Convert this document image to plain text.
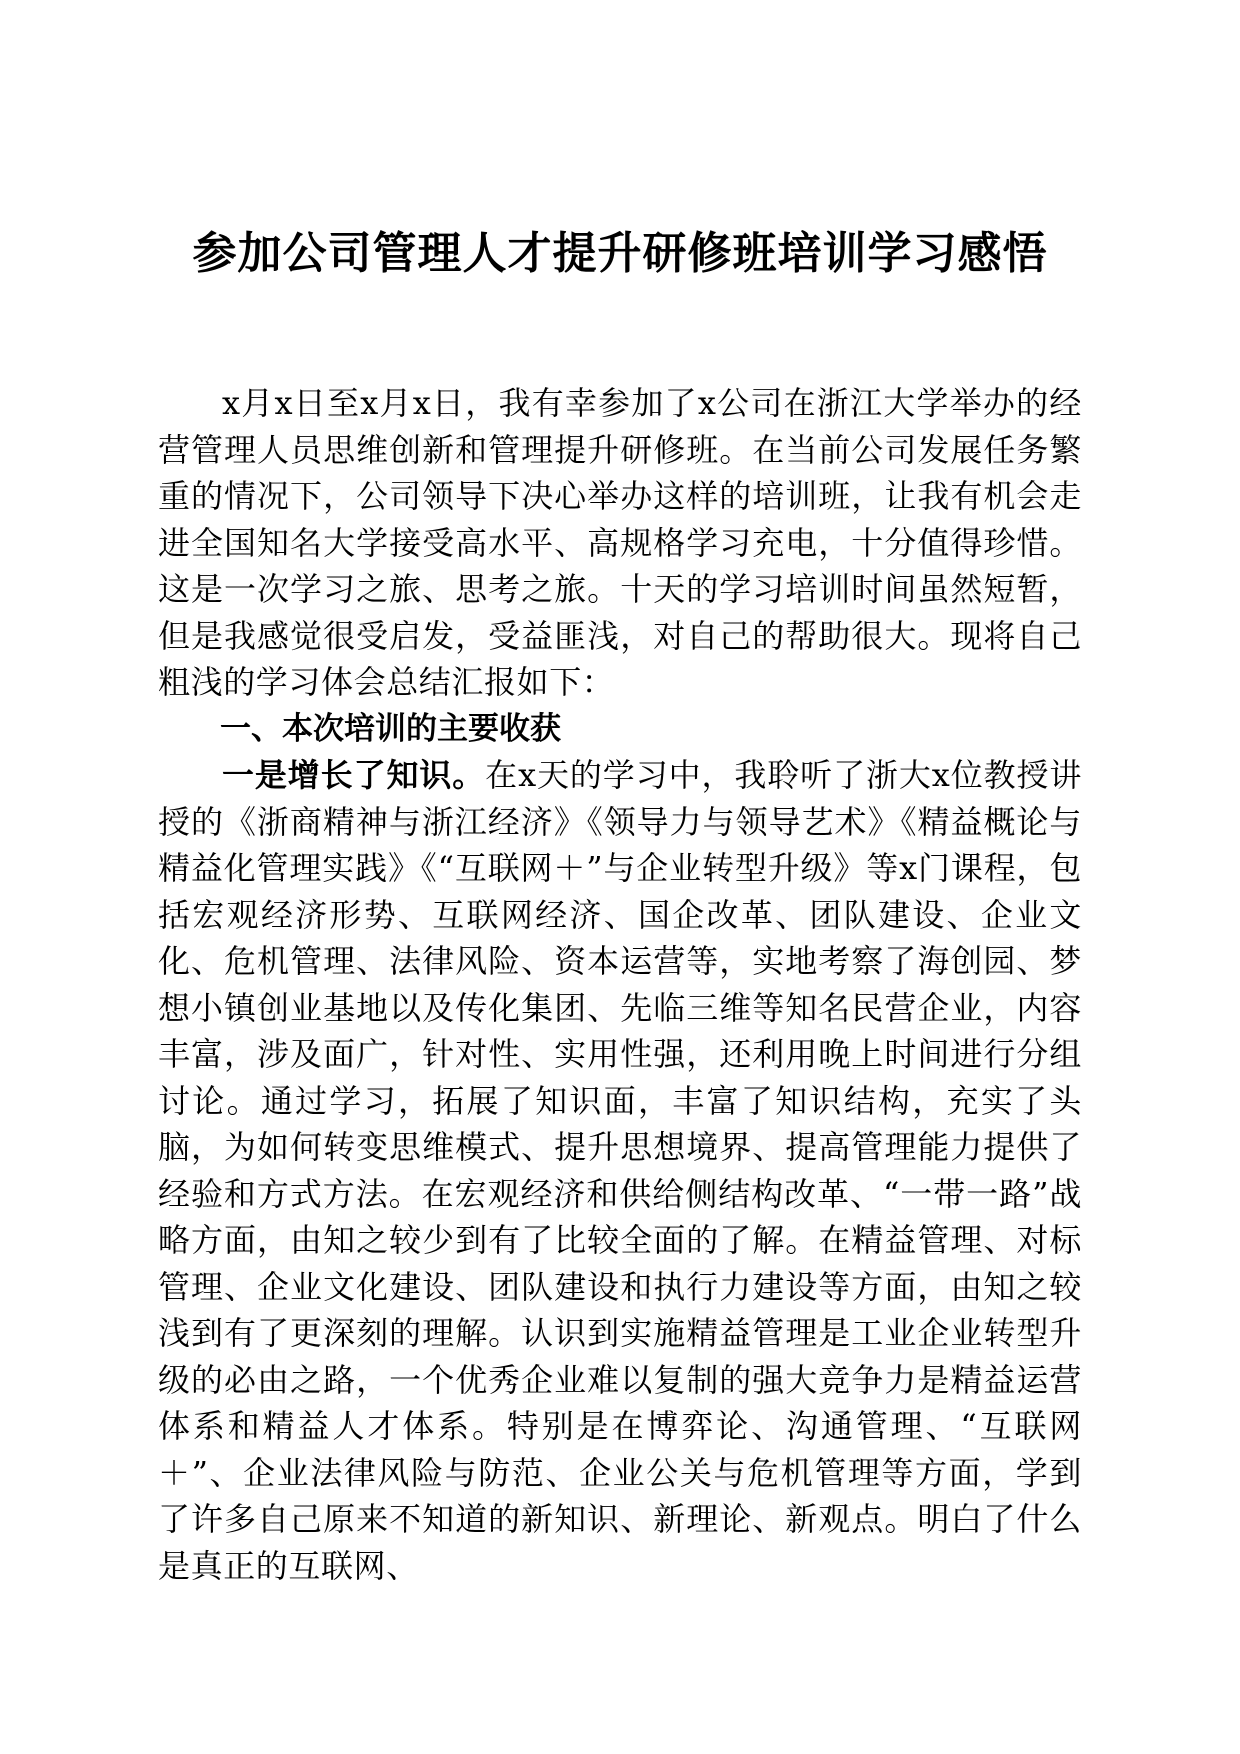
参加公司管理人才提升研修班培训学习感悟

x月x日至x月x日，我有幸参加了x公司在浙江大学举办的经营管理人员思维创新和管理提升研修班。在当前公司发展任务繁重的情况下，公司领导下决心举办这样的培训班，让我有机会走进全国知名大学接受高水平、高规格学习充电，十分值得珍惜。这是一次学习之旅、思考之旅。十天的学习培训时间虽然短暂，但是我感觉很受启发，受益匪浅，对自己的帮助很大。现将自己粗浅的学习体会总结汇报如下：

一、本次培训的主要收获

一是增长了知识。在x天的学习中，我聆听了浙大x位教授讲授的《浙商精神与浙江经济》《领导力与领导艺术》《精益概论与精益化管理实践》《“互联网＋”与企业转型升级》等x门课程，包括宏观经济形势、互联网经济、国企改革、团队建设、企业文化、危机管理、法律风险、资本运营等，实地考察了海创园、梦想小镇创业基地以及传化集团、先临三维等知名民营企业，内容丰富，涉及面广，针对性、实用性强，还利用晚上时间进行分组讨论。通过学习，拓展了知识面，丰富了知识结构，充实了头脑，为如何转变思维模式、提升思想境界、提高管理能力提供了经验和方式方法。在宏观经济和供给侧结构改革、“一带一路”战略方面，由知之较少到有了比较全面的了解。在精益管理、对标管理、企业文化建设、团队建设和执行力建设等方面，由知之较浅到有了更深刻的理解。认识到实施精益管理是工业企业转型升级的必由之路，一个优秀企业难以复制的强大竞争力是精益运营体系和精益人才体系。特别是在博弈论、沟通管理、“互联网＋”、企业法律风险与防范、企业公关与危机管理等方面，学到了许多自己原来不知道的新知识、新理论、新观点。明白了什么是真正的互联网、
